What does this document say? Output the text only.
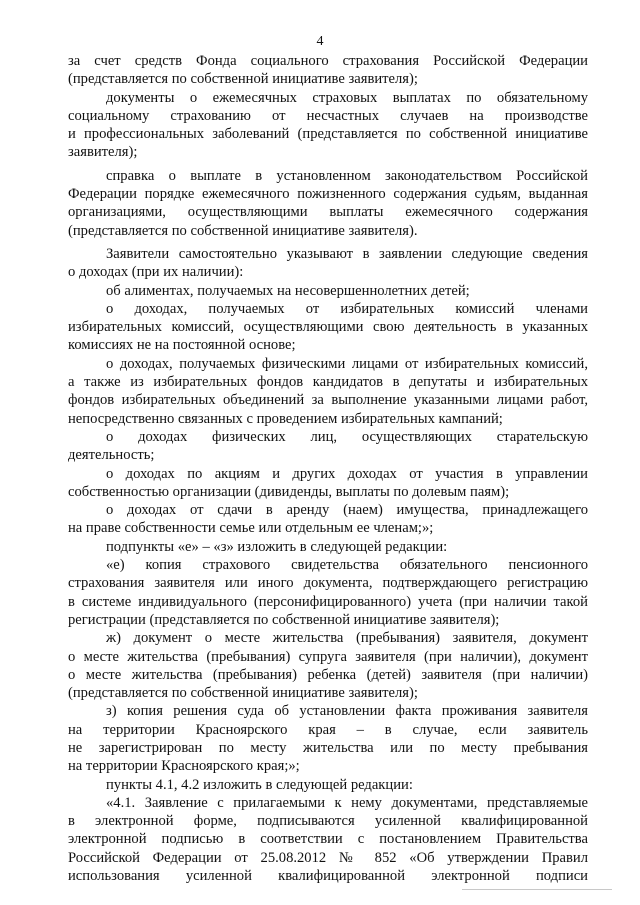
4
за счет средств Фонда социального страхования Российской Федерации
(представляется по собственной инициативе заявителя);
документы о ежемесячных страховых выплатах по обязательному
социальному страхованию от несчастных случаев на производстве
и профессиональных заболеваний (представляется по собственной инициативе
заявителя);
справка о выплате в установленном законодательством Российской
Федерации порядке ежемесячного пожизненного содержания судьям, выданная
организациями, осуществляющими выплаты ежемесячного содержания
(представляется по собственной инициативе заявителя).
Заявители самостоятельно указывают в заявлении следующие сведения
о доходах (при их наличии):
об алиментах, получаемых на несовершеннолетних детей;
о доходах, получаемых от избирательных комиссий членами
избирательных комиссий, осуществляющими свою деятельность в указанных
комиссиях не на постоянной основе;
о доходах, получаемых физическими лицами от избирательных комиссий,
а также из избирательных фондов кандидатов в депутаты и избирательных
фондов избирательных объединений за выполнение указанными лицами работ,
непосредственно связанных с проведением избирательных кампаний;
о доходах физических лиц, осуществляющих старательскую
деятельность;
о доходах по акциям и других доходах от участия в управлении
собственностью организации (дивиденды, выплаты по долевым паям);
о доходах от сдачи в аренду (наем) имущества, принадлежащего
на праве собственности семье или отдельным ее членам;»;
подпункты «е» – «з» изложить в следующей редакции:
«е) копия страхового свидетельства обязательного пенсионного
страхования заявителя или иного документа, подтверждающего регистрацию
в системе индивидуального (персонифицированного) учета (при наличии такой
регистрации (представляется по собственной инициативе заявителя);
ж) документ о месте жительства (пребывания) заявителя, документ
о месте жительства (пребывания) супруга заявителя (при наличии), документ
о месте жительства (пребывания) ребенка (детей) заявителя (при наличии)
(представляется по собственной инициативе заявителя);
з) копия решения суда об установлении факта проживания заявителя
на территории Красноярского края – в случае, если заявитель
не зарегистрирован по месту жительства или по месту пребывания
на территории Красноярского края;»;
пункты 4.1, 4.2 изложить в следующей редакции:
«4.1. Заявление с прилагаемыми к нему документами, представляемые
в электронной форме, подписываются усиленной квалифицированной
электронной подписью в соответствии с постановлением Правительства
Российской Федерации от 25.08.2012 № 852 «Об утверждении Правил
использования усиленной квалифицированной электронной подписи
